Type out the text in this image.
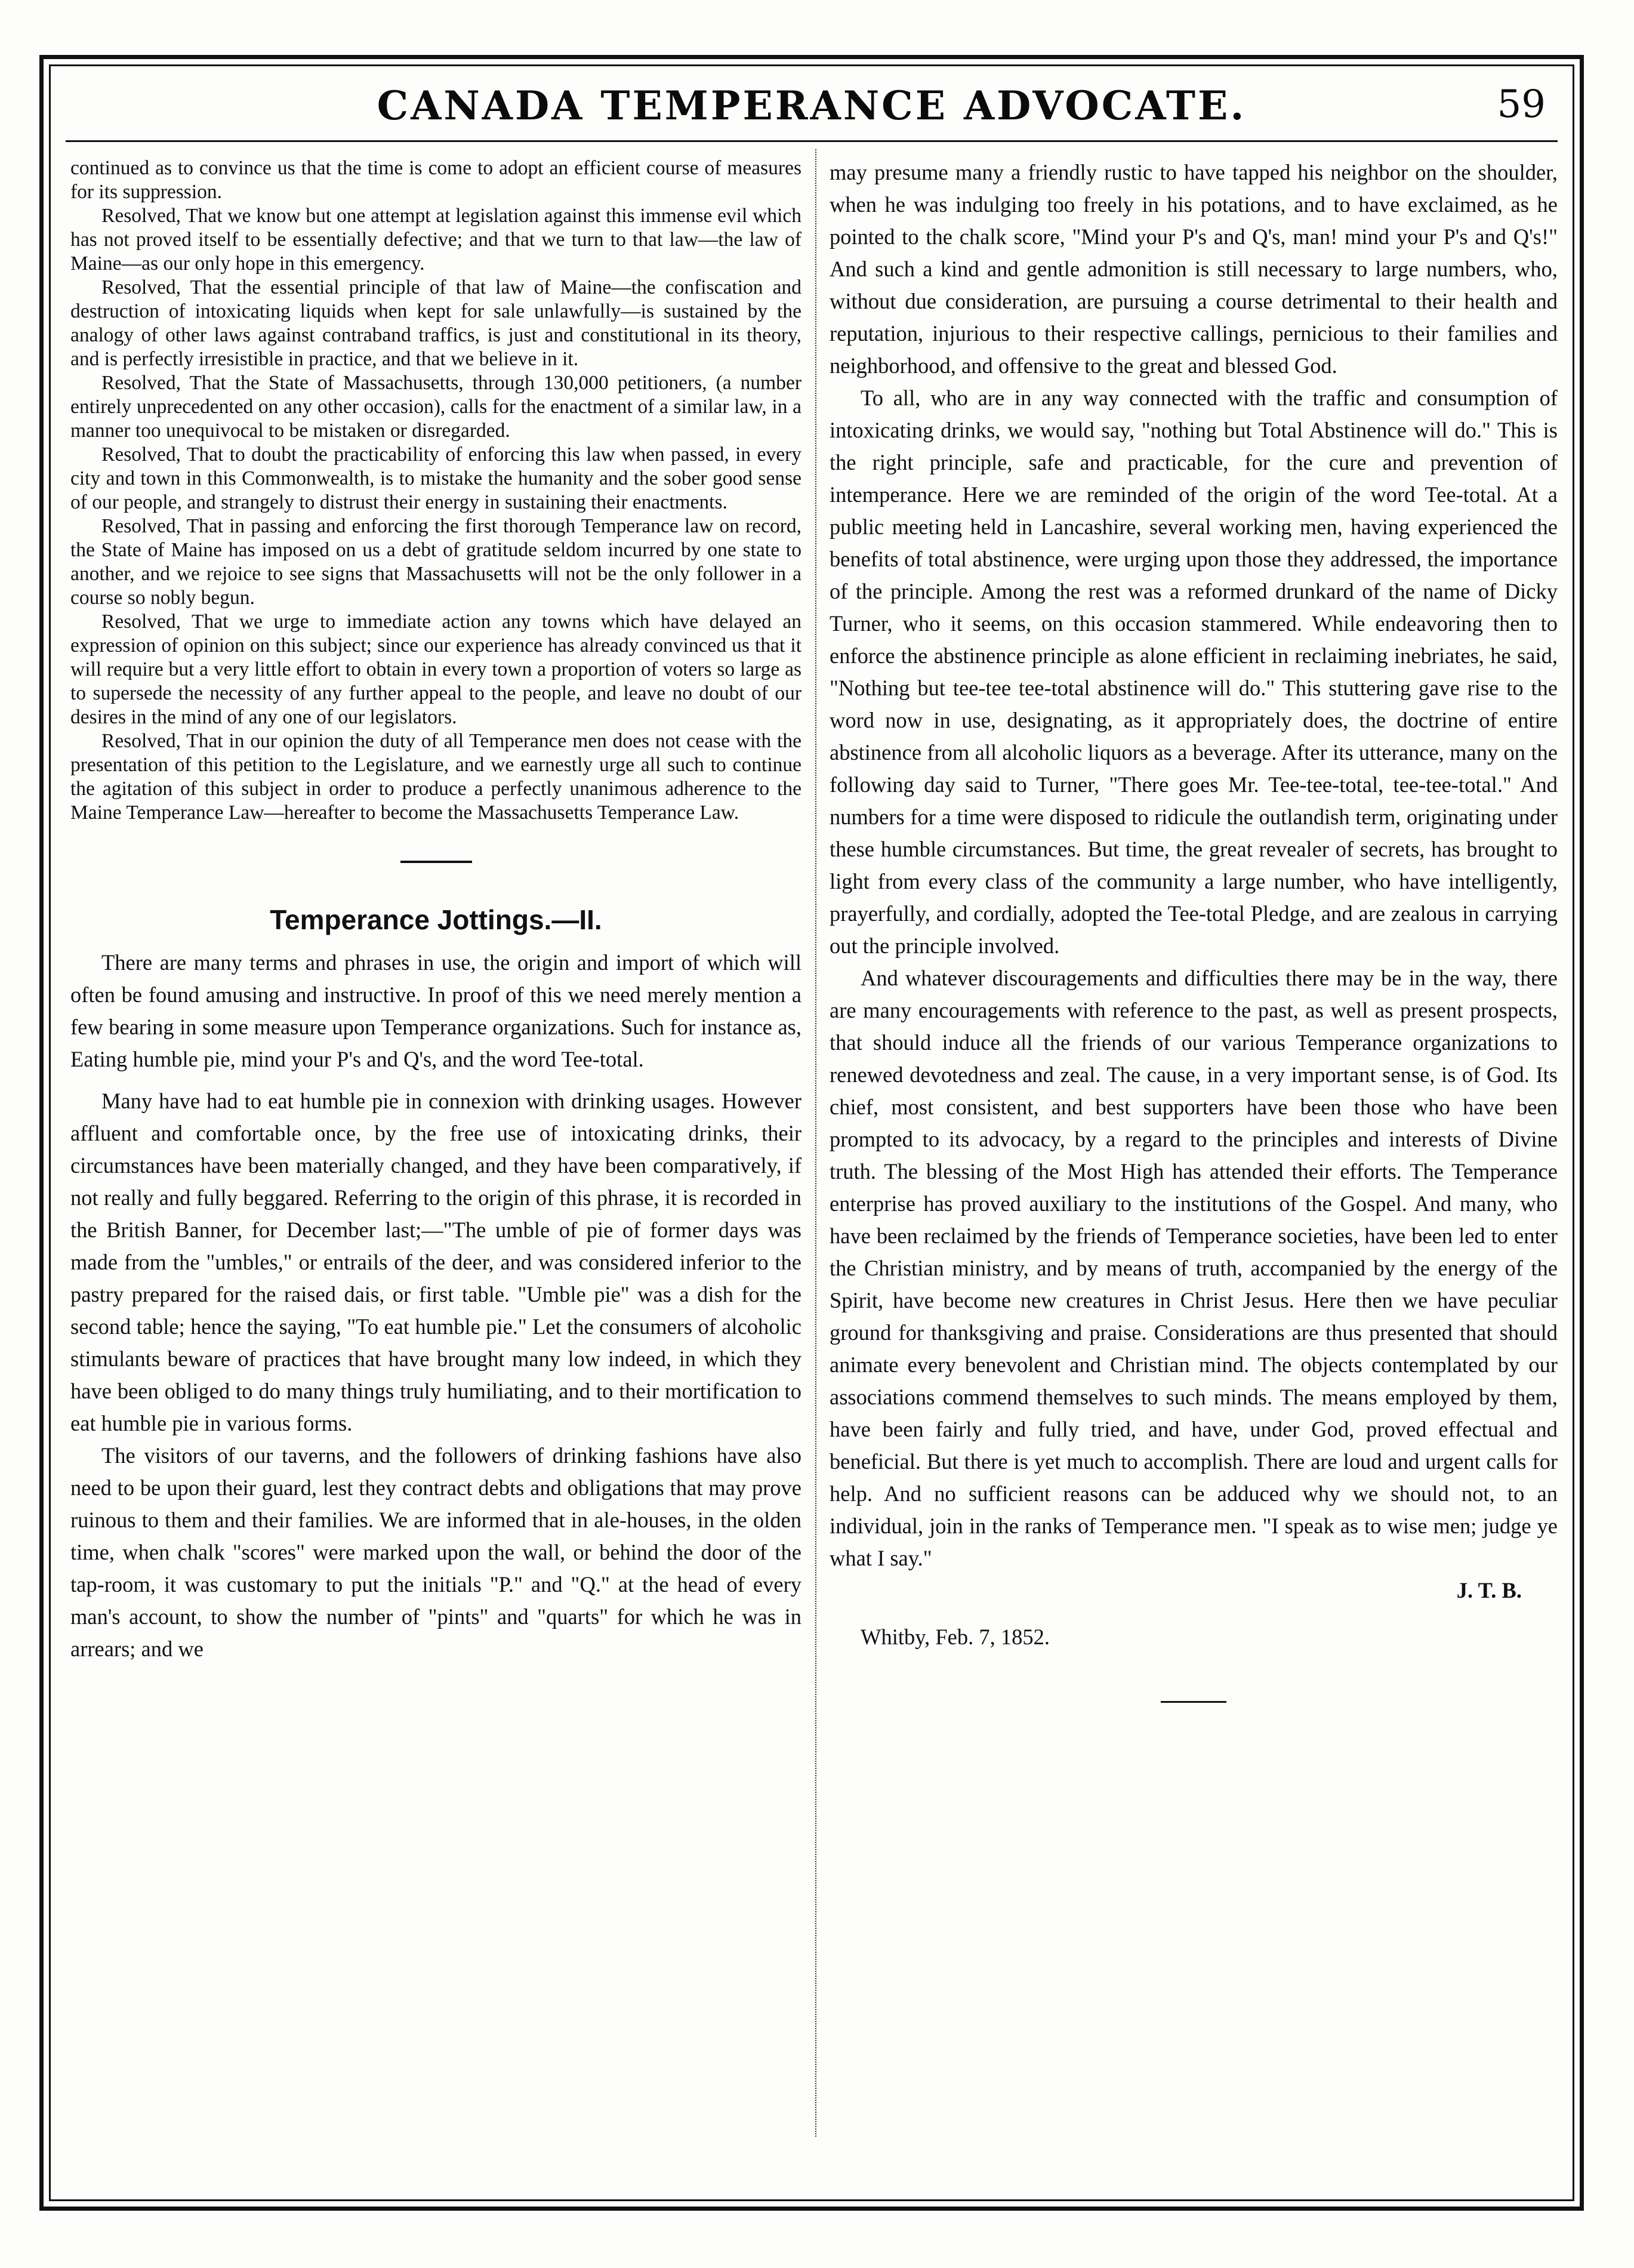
CANADA TEMPERANCE ADVOCATE.	59

continued as to convince us that the time is come to adopt an efficient course of measures for its suppression.

Resolved, That we know but one attempt at legislation against this immense evil which has not proved itself to be essentially defective; and that we turn to that law—the law of Maine—as our only hope in this emergency.

Resolved, That the essential principle of that law of Maine—the confiscation and destruction of intoxicating liquids when kept for sale unlawfully—is sustained by the analogy of other laws against contraband traffics, is just and constitutional in its theory, and is perfectly irresistible in practice, and that we believe in it.

Resolved, That the State of Massachusetts, through 130,000 petitioners, (a number entirely unprecedented on any other occasion), calls for the enactment of a similar law, in a manner too unequivocal to be mistaken or disregarded.

Resolved, That to doubt the practicability of enforcing this law when passed, in every city and town in this Commonwealth, is to mistake the humanity and the sober good sense of our people, and strangely to distrust their energy in sustaining their enactments.

Resolved, That in passing and enforcing the first thorough Temperance law on record, the State of Maine has imposed on us a debt of gratitude seldom incurred by one state to another, and we rejoice to see signs that Massachusetts will not be the only follower in a course so nobly begun.

Resolved, That we urge to immediate action any towns which have delayed an expression of opinion on this subject; since our experience has already convinced us that it will require but a very little effort to obtain in every town a proportion of voters so large as to supersede the necessity of any further appeal to the people, and leave no doubt of our desires in the mind of any one of our legislators.

Resolved, That in our opinion the duty of all Temperance men does not cease with the presentation of this petition to the Legislature, and we earnestly urge all such to continue the agitation of this subject in order to produce a perfectly unanimous adherence to the Maine Temperance Law—hereafter to become the Massachusetts Temperance Law.

Temperance Jottings.—II.

There are many terms and phrases in use, the origin and import of which will often be found amusing and instructive. In proof of this we need merely mention a few bearing in some measure upon Temperance organizations. Such for instance as, Eating humble pie, mind your P's and Q's, and the word Tee-total.

Many have had to eat humble pie in connexion with drinking usages. However affluent and comfortable once, by the free use of intoxicating drinks, their circumstances have been materially changed, and they have been comparatively, if not really and fully beggared. Referring to the origin of this phrase, it is recorded in the British Banner, for December last;—"The umble of pie of former days was made from the "umbles," or entrails of the deer, and was considered inferior to the pastry prepared for the raised dais, or first table. "Umble pie" was a dish for the second table; hence the saying, "To eat humble pie." Let the consumers of alcoholic stimulants beware of practices that have brought many low indeed, in which they have been obliged to do many things truly humiliating, and to their mortification to eat humble pie in various forms.

The visitors of our taverns, and the followers of drinking fashions have also need to be upon their guard, lest they contract debts and obligations that may prove ruinous to them and their families. We are informed that in ale-houses, in the olden time, when chalk "scores" were marked upon the wall, or behind the door of the tap-room, it was customary to put the initials "P." and "Q." at the head of every man's account, to show the number of "pints" and "quarts" for which he was in arrears; and we

may presume many a friendly rustic to have tapped his neighbor on the shoulder, when he was indulging too freely in his potations, and to have exclaimed, as he pointed to the chalk score, "Mind your P's and Q's, man! mind your P's and Q's!" And such a kind and gentle admonition is still necessary to large numbers, who, without due consideration, are pursuing a course detrimental to their health and reputation, injurious to their respective callings, pernicious to their families and neighborhood, and offensive to the great and blessed God.

To all, who are in any way connected with the traffic and consumption of intoxicating drinks, we would say, "nothing but Total Abstinence will do." This is the right principle, safe and practicable, for the cure and prevention of intemperance. Here we are reminded of the origin of the word Tee-total. At a public meeting held in Lancashire, several working men, having experienced the benefits of total abstinence, were urging upon those they addressed, the importance of the principle. Among the rest was a reformed drunkard of the name of Dicky Turner, who it seems, on this occasion stammered. While endeavoring then to enforce the abstinence principle as alone efficient in reclaiming inebriates, he said, "Nothing but tee-tee tee-total abstinence will do." This stuttering gave rise to the word now in use, designating, as it appropriately does, the doctrine of entire abstinence from all alcoholic liquors as a beverage. After its utterance, many on the following day said to Turner, "There goes Mr. Tee-tee-total, tee-tee-total." And numbers for a time were disposed to ridicule the outlandish term, originating under these humble circumstances. But time, the great revealer of secrets, has brought to light from every class of the community a large number, who have intelligently, prayerfully, and cordially, adopted the Tee-total Pledge, and are zealous in carrying out the principle involved.

And whatever discouragements and difficulties there may be in the way, there are many encouragements with reference to the past, as well as present prospects, that should induce all the friends of our various Temperance organizations to renewed devotedness and zeal. The cause, in a very important sense, is of God. Its chief, most consistent, and best supporters have been those who have been prompted to its advocacy, by a regard to the principles and interests of Divine truth. The blessing of the Most High has attended their efforts. The Temperance enterprise has proved auxiliary to the institutions of the Gospel. And many, who have been reclaimed by the friends of Temperance societies, have been led to enter the Christian ministry, and by means of truth, accompanied by the energy of the Spirit, have become new creatures in Christ Jesus. Here then we have peculiar ground for thanksgiving and praise. Considerations are thus presented that should animate every benevolent and Christian mind. The objects contemplated by our associations commend themselves to such minds. The means employed by them, have been fairly and fully tried, and have, under God, proved effectual and beneficial. But there is yet much to accomplish. There are loud and urgent calls for help. And no sufficient reasons can be adduced why we should not, to an individual, join in the ranks of Temperance men. "I speak as to wise men; judge ye what I say."

J. T. B.

Whitby, Feb. 7, 1852.
